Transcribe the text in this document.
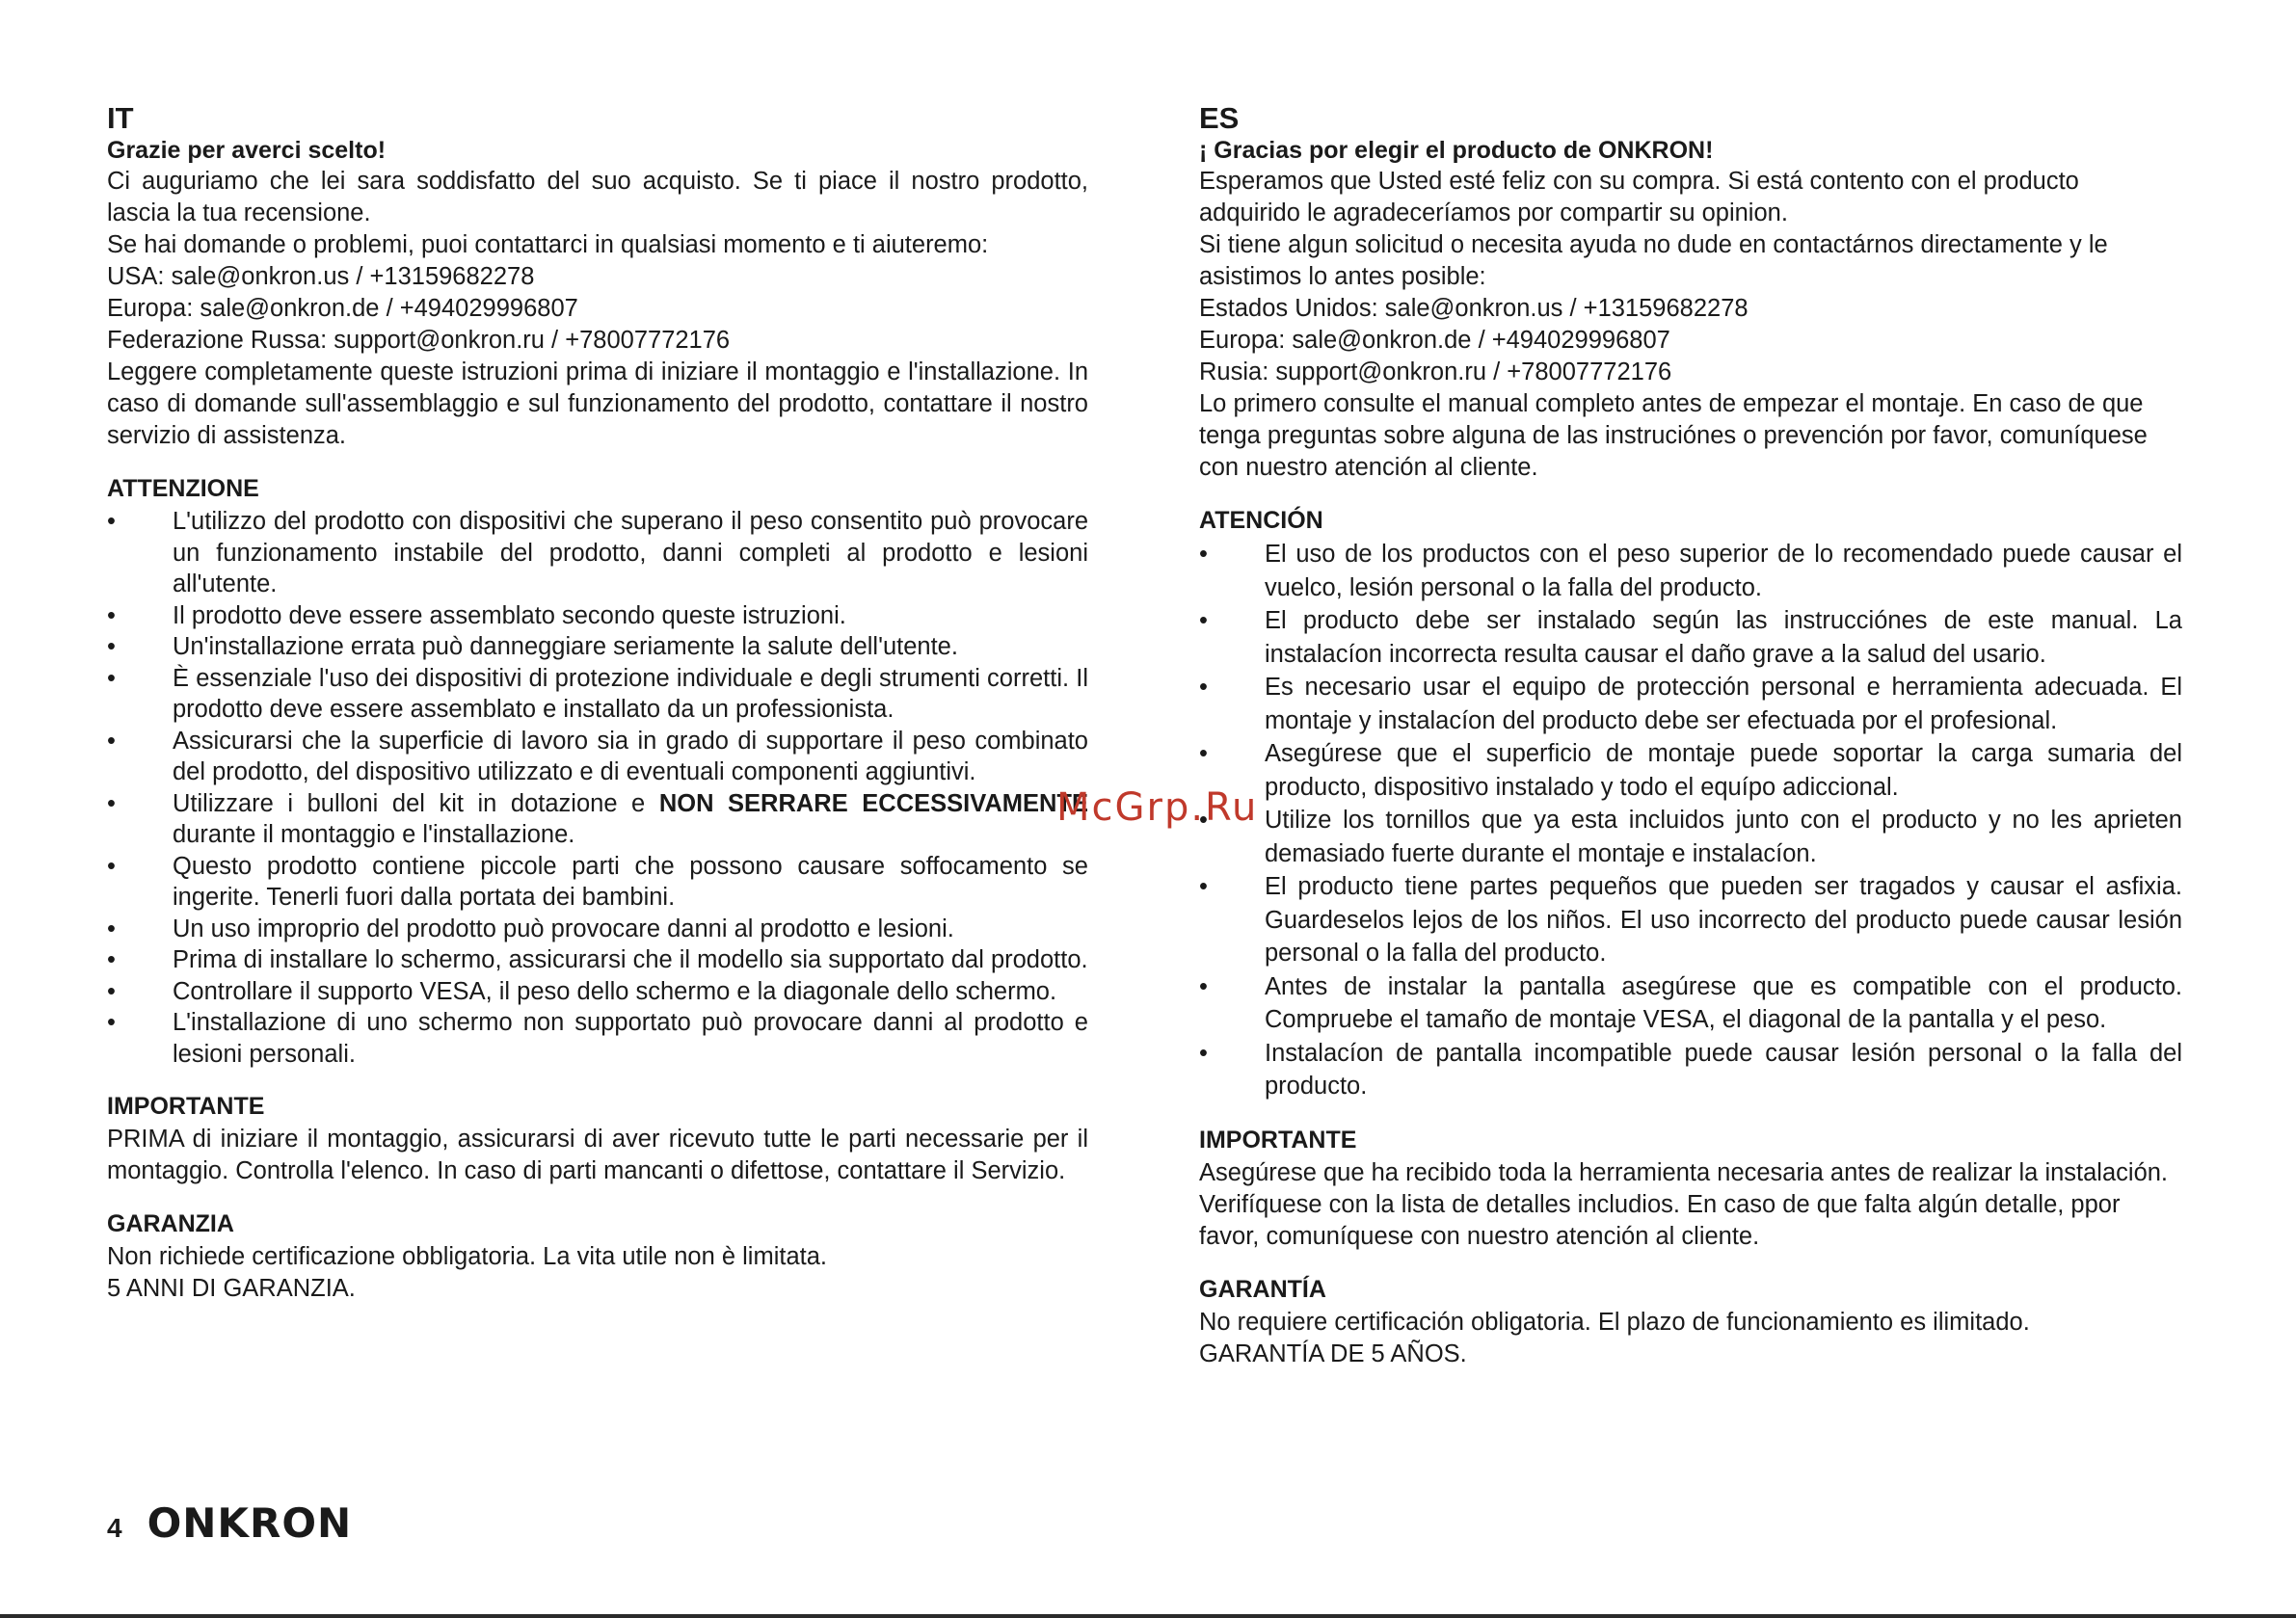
IT

Grazie per averci scelto!

Ci auguriamo che lei sara soddisfatto del suo acquisto. Se ti piace il nostro prodotto, lascia la tua recensione.

Se hai domande o problemi, puoi contattarci in qualsiasi momento e ti aiuteremo:

USA: sale@onkron.us / +13159682278

Europa: sale@onkron.de / +494029996807

Federazione Russa: support@onkron.ru / +78007772176

Leggere completamente queste istruzioni prima di iniziare il montaggio e l'installazione. In caso di domande sull'assemblaggio e sul funzionamento del prodotto, contattare il nostro servizio di assistenza.

ATTENZIONE

• L'utilizzo del prodotto con dispositivi che superano il peso consentito può provocare un funzionamento instabile del prodotto, danni completi al prodotto e lesioni all'utente.
• Il prodotto deve essere assemblato secondo queste istruzioni.
• Un'installazione errata può danneggiare seriamente la salute dell'utente.
• È essenziale l'uso dei dispositivi di protezione individuale e degli strumenti corretti. Il prodotto deve essere assemblato e installato da un professionista.
• Assicurarsi che la superficie di lavoro sia in grado di supportare il peso combinato del prodotto, del dispositivo utilizzato e di eventuali componenti aggiuntivi.
• Utilizzare i bulloni del kit in dotazione e NON SERRARE ECCESSIVAMENTE durante il montaggio e l'installazione.
• Questo prodotto contiene piccole parti che possono causare soffocamento se ingerite. Tenerli fuori dalla portata dei bambini.
• Un uso improprio del prodotto può provocare danni al prodotto e lesioni.
• Prima di installare lo schermo, assicurarsi che il modello sia supportato dal prodotto.
• Controllare il supporto VESA, il peso dello schermo e la diagonale dello schermo.
• L'installazione di uno schermo non supportato può provocare danni al prodotto e lesioni personali.

IMPORTANTE

PRIMA di iniziare il montaggio, assicurarsi di aver ricevuto tutte le parti necessarie per il montaggio. Controlla l'elenco. In caso di parti mancanti o difettose, contattare il Servizio.

GARANZIA

Non richiede certificazione obbligatoria. La vita utile non è limitata.

5 ANNI DI GARANZIA.

ES

¡ Gracias por elegir el producto de ONKRON!

Esperamos que Usted esté feliz con su compra. Si está contento con el producto adquirido le agradeceríamos por compartir su opinion.

Si tiene algun solicitud o necesita ayuda no dude en contactárnos directamente y le asistimos lo antes posible:

Estados Unidos: sale@onkron.us / +13159682278

Europa: sale@onkron.de / +494029996807

Rusia: support@onkron.ru / +78007772176

Lo primero consulte el manual completo antes de empezar el montaje. En caso de que tenga preguntas sobre alguna de las instruciónes o prevención por favor, comuníquese con nuestro atención al cliente.

ATENCIÓN

• El uso de los productos con el peso superior de lo recomendado puede causar el vuelco, lesión personal o la falla del producto.
• El producto debe ser instalado según las instrucciónes de este manual. La instalacíon incorrecta resulta causar el daño grave a la salud del usario.
• Es necesario usar el equipo de protección personal e herramienta adecuada. El montaje y instalacíon del producto debe ser efectuada por el profesional.
• Asegúrese que el superficio de montaje puede soportar la carga sumaria del producto, dispositivo instalado y todo el equípo adiccional.
• Utilize los tornillos que ya esta incluidos junto con el producto y no les aprieten demasiado fuerte durante el montaje e instalacíon.
• El producto tiene partes pequeños que pueden ser tragados y causar el asfixia. Guardeselos lejos de los niños. El uso incorrecto del producto puede causar lesión personal o la falla del producto.
• Antes de instalar la pantalla asegúrese que es compatible con el producto. Compruebe el tamaño de montaje VESA, el diagonal de la pantalla y el peso.
• Instalacíon de pantalla incompatible puede causar lesión personal o la falla del producto.

IMPORTANTE

Asegúrese que ha recibido toda la herramienta necesaria antes de realizar la instalación. Verifíquese con la lista de detalles includios. En caso de que falta algún detalle, ppor favor, comuníquese con nuestro atención al cliente.

GARANTÍA

No requiere certificación obligatoria. El plazo de funcionamiento es ilimitado.

GARANTÍA DE 5 AÑOS.

McGrp.Ru
4 ONKRON
